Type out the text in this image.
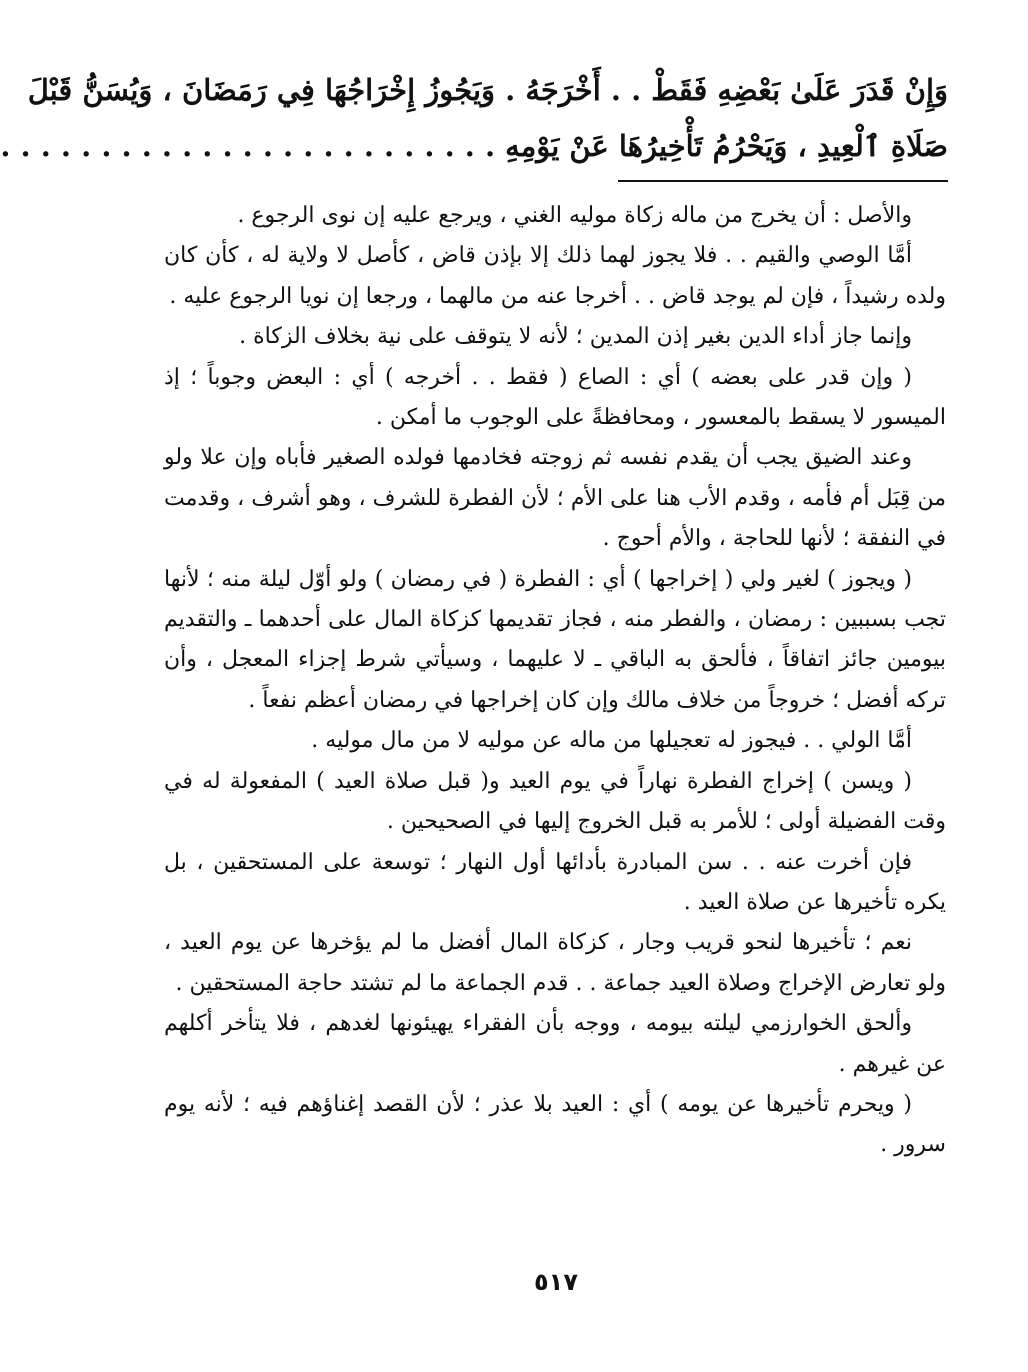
وَإِنْ قَدَرَ عَلَىٰ بَعْضِهِ فَقَطْ . . أَخْرَجَهُ . وَيَجُوزُ إِخْرَاجُهَا فِي رَمَضَانَ ، وَيُسَنُّ قَبْلَ
صَلَاةِ ٱلْعِيدِ ، وَيَحْرُمُ تَأْخِيرُهَا عَنْ يَوْمِهِ . . . . . . . . . . . . . . . . . . . . . . . . .

والأصل : أن يخرج من ماله زكاة موليه الغني ، ويرجع عليه إن نوى الرجوع .

أمَّا الوصي والقيم . . فلا يجوز لهما ذلك إلا بإذن قاض ، كأصل لا ولاية له ، كأن كان ولده رشيداً ، فإن لم يوجد قاض . . أخرجا عنه من مالهما ، ورجعا إن نويا الرجوع عليه .

وإنما جاز أداء الدين بغير إذن المدين ؛ لأنه لا يتوقف على نية بخلاف الزكاة .

( وإن قدر على بعضه ) أي : الصاع ( فقط . . أخرجه ) أي : البعض وجوباً ؛ إذ الميسور لا يسقط بالمعسور ، ومحافظةً على الوجوب ما أمكن .

وعند الضيق يجب أن يقدم نفسه ثم زوجته فخادمها فولده الصغير فأباه وإن علا ولو من قِبَل أم فأمه ، وقدم الأب هنا على الأم ؛ لأن الفطرة للشرف ، وهو أشرف ، وقدمت في النفقة ؛ لأنها للحاجة ، والأم أحوج .

( ويجوز ) لغير ولي ( إخراجها ) أي : الفطرة ( في رمضان ) ولو أوّل ليلة منه ؛ لأنها تجب بسببين : رمضان ، والفطر منه ، فجاز تقديمها كزكاة المال على أحدهما ـ والتقديم بيومين جائز اتفاقاً ، فألحق به الباقي ـ لا عليهما ، وسيأتي شرط إجزاء المعجل ، وأن تركه أفضل ؛ خروجاً من خلاف مالك وإن كان إخراجها في رمضان أعظم نفعاً .

أمَّا الولي . . فيجوز له تعجيلها من ماله عن موليه لا من مال موليه .

( ويسن ) إخراج الفطرة نهاراً في يوم العيد و( قبل صلاة العيد ) المفعولة له في وقت الفضيلة أولى ؛ للأمر به قبل الخروج إليها في الصحيحين .

فإن أخرت عنه . . سن المبادرة بأدائها أول النهار ؛ توسعة على المستحقين ، بل يكره تأخيرها عن صلاة العيد .

نعم ؛ تأخيرها لنحو قريب وجار ، كزكاة المال أفضل ما لم يؤخرها عن يوم العيد ، ولو تعارض الإخراج وصلاة العيد جماعة . . قدم الجماعة ما لم تشتد حاجة المستحقين .

وألحق الخوارزمي ليلته بيومه ، ووجه بأن الفقراء يهيئونها لغدهم ، فلا يتأخر أكلهم عن غيرهم .

( ويحرم تأخيرها عن يومه ) أي : العيد بلا عذر ؛ لأن القصد إغناؤهم فيه ؛ لأنه يوم سرور .

٥١٧
